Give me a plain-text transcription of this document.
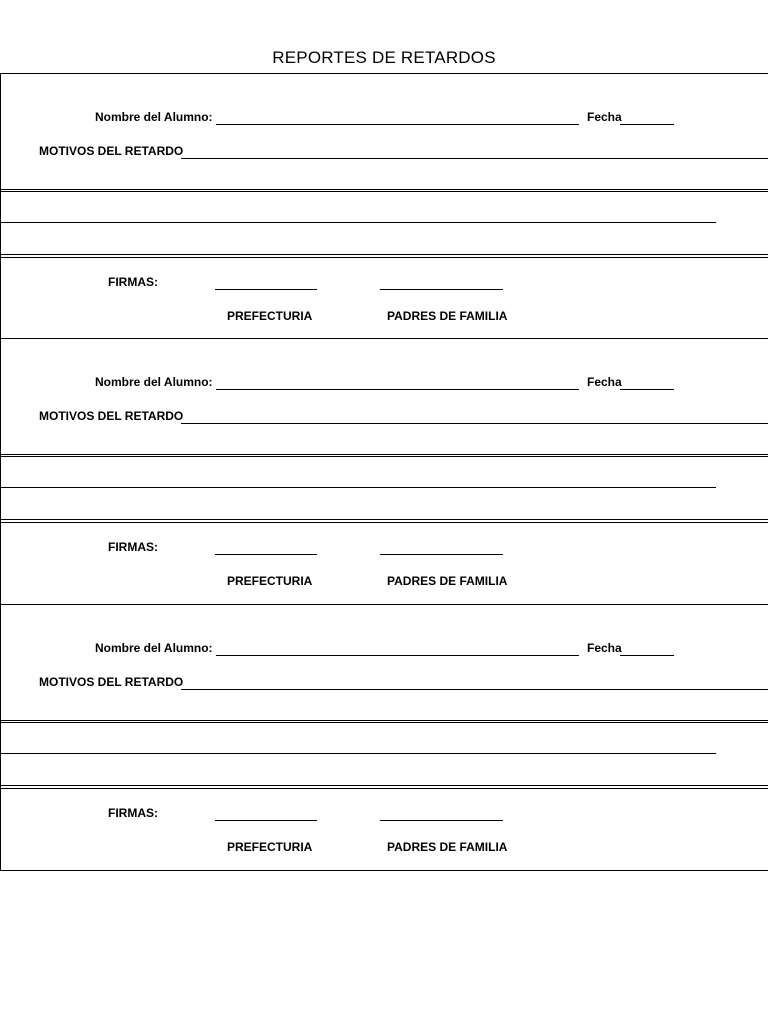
REPORTES DE RETARDOS
Nombre del Alumno:	Fecha
MOTIVOS DEL RETARDO
FIRMAS:
PREFECTURIA	PADRES DE FAMILIA
Nombre del Alumno:	Fecha
MOTIVOS DEL RETARDO
FIRMAS:
PREFECTURIA	PADRES DE FAMILIA
Nombre del Alumno:	Fecha
MOTIVOS DEL RETARDO
FIRMAS:
PREFECTURIA	PADRES DE FAMILIA
